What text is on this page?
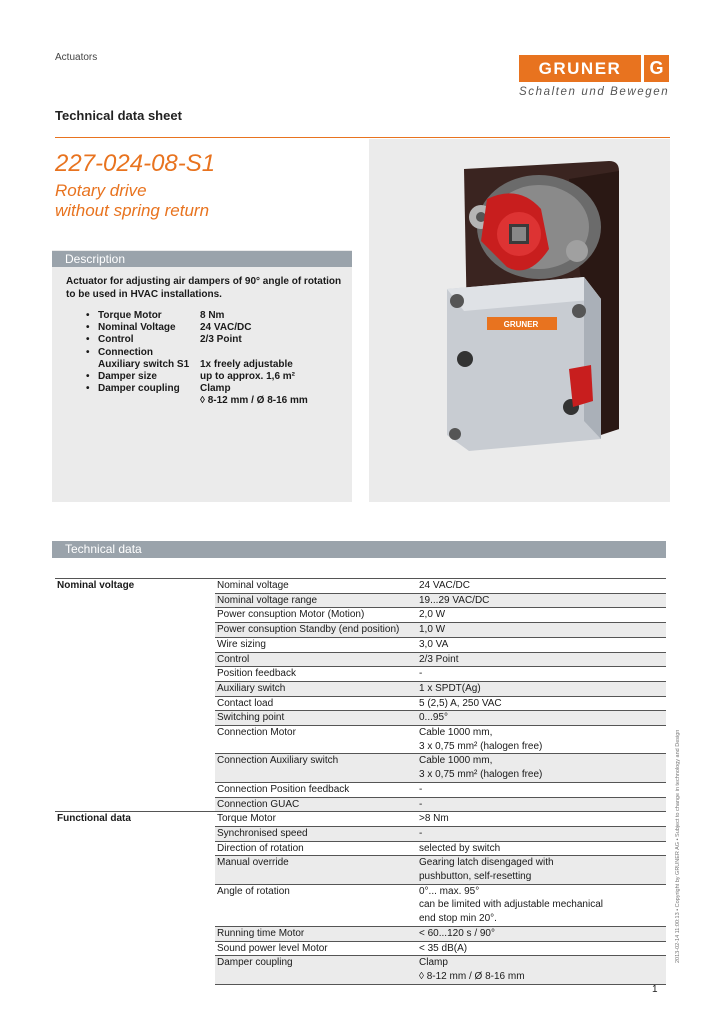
Actuators
GRUNER	G
Schalten und Bewegen
Technical data sheet
GRUNER
227-024-08-S1
Rotary drive
without spring return
Description
Actuator for adjusting air dampers of 90° angle of rotation to be used in HVAC installations.
• Torque Motor	8 Nm
• Nominal Voltage	24 VAC/DC
• Control	2/3 Point
• Connection
Auxiliary switch S1	1x freely adjustable
• Damper size	up to approx. 1,6 m²
• Damper coupling	Clamp
◊ 8-12 mm / Ø 8-16 mm
Technical data
Nominal voltage	Nominal voltage	24 VAC/DC
	Nominal voltage range	19...29 VAC/DC
	Power consuption Motor (Motion)	2,0 W
	Power consuption Standby (end position)	1,0 W
	Wire sizing	3,0 VA
	Control	2/3 Point
	Position feedback	-
	Auxiliary switch	1 x SPDT(Ag)
	Contact load	5 (2,5) A, 250 VAC
	Switching point	0...95°
	Connection Motor	Cable 1000 mm,
		3 x 0,75 mm² (halogen free)
	Connection Auxiliary switch	Cable 1000 mm,
		3 x 0,75 mm² (halogen free)
	Connection Position feedback	-
	Connection GUAC	-
Functional data	Torque Motor	>8 Nm
	Synchronised speed	-
	Direction of rotation	selected by switch
	Manual override	Gearing latch disengaged with
		pushbutton, self-resetting
	Angle of rotation	0°... max. 95°
		can be limited with adjustable mechanical
		end stop min 20°.
	Running time Motor	< 60...120 s / 90°
	Sound power level Motor	< 35 dB(A)
	Damper coupling	Clamp
		◊ 8-12 mm / Ø 8-16 mm
2013-02-14 11:00:13 • Copyright by GRUNER AG • Subject to change in technology and Design
1
